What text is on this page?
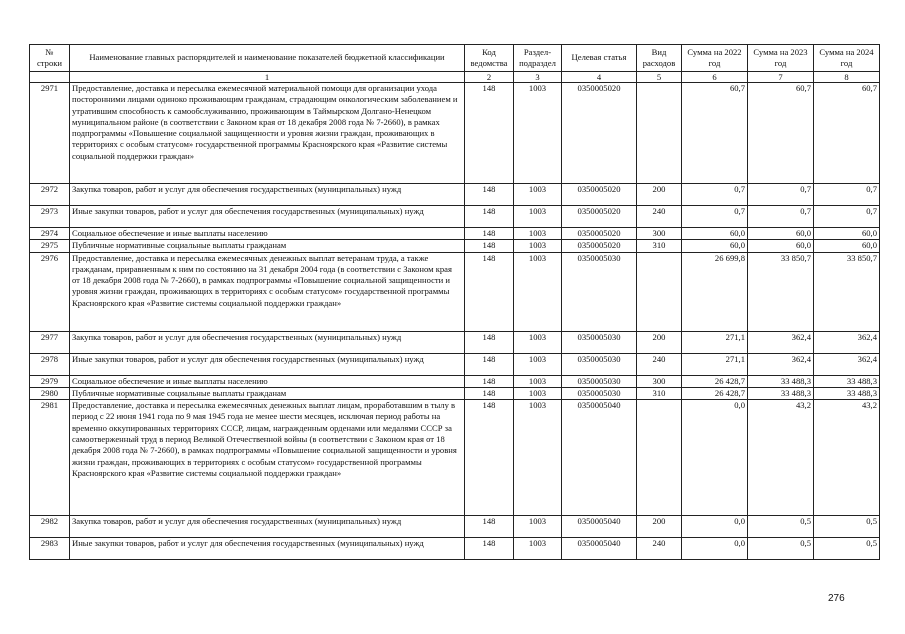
№ строки	Наименование главных распорядителей и наименование показателей бюджетной классификации	Код ведомства	Раздел-подраздел	Целевая статья	Вид расходов	Сумма на 2022 год	Сумма на 2023 год	Сумма на 2024 год
	1	2	3	4	5	6	7	8
2971	Предоставление, доставка и пересылка ежемесячной материальной помощи для организации ухода посторонними лицами одиноко проживающим гражданам, страдающим онкологическим заболеванием и утратившим способность к самообслуживанию, проживающим в Таймырском Долгано-Ненецком муниципальном районе (в соответствии с Законом края от 18 декабря 2008 года № 7-2660), в рамках подпрограммы «Повышение социальной защищенности и уровня жизни граждан, проживающих в территориях с особым статусом» государственной программы Красноярского края «Развитие системы социальной поддержки граждан»	148	1003	0350005020		60,7	60,7	60,7
2972	Закупка товаров, работ и услуг для обеспечения государственных (муниципальных) нужд	148	1003	0350005020	200	0,7	0,7	0,7
2973	Иные закупки товаров, работ и услуг для обеспечения государственных (муниципальных) нужд	148	1003	0350005020	240	0,7	0,7	0,7
2974	Социальное обеспечение и иные выплаты населению	148	1003	0350005020	300	60,0	60,0	60,0
2975	Публичные нормативные социальные выплаты гражданам	148	1003	0350005020	310	60,0	60,0	60,0
2976	Предоставление, доставка и пересылка ежемесячных денежных выплат ветеранам труда, а также гражданам, приравненным к ним по состоянию на 31 декабря 2004 года (в соответствии с Законом края от 18 декабря 2008 года № 7-2660), в рамках подпрограммы «Повышение социальной защищенности и уровня жизни граждан, проживающих в территориях с особым статусом» государственной программы Красноярского края «Развитие системы социальной поддержки граждан»	148	1003	0350005030		26 699,8	33 850,7	33 850,7
2977	Закупка товаров, работ и услуг для обеспечения государственных (муниципальных) нужд	148	1003	0350005030	200	271,1	362,4	362,4
2978	Иные закупки товаров, работ и услуг для обеспечения государственных (муниципальных) нужд	148	1003	0350005030	240	271,1	362,4	362,4
2979	Социальное обеспечение и иные выплаты населению	148	1003	0350005030	300	26 428,7	33 488,3	33 488,3
2980	Публичные нормативные социальные выплаты гражданам	148	1003	0350005030	310	26 428,7	33 488,3	33 488,3
2981	Предоставление, доставка и пересылка ежемесячных денежных выплат лицам, проработавшим в тылу в период с 22 июня 1941 года по 9 мая 1945 года не менее шести месяцев, исключая период работы на временно оккупированных территориях СССР, лицам, награжденным орденами или медалями СССР за самоотверженный труд в период Великой Отечественной войны (в соответствии с Законом края от 18 декабря 2008 года № 7-2660), в рамках подпрограммы «Повышение социальной защищенности и уровня жизни граждан, проживающих в территориях с особым статусом» государственной программы Красноярского края «Развитие системы социальной поддержки граждан»	148	1003	0350005040		0,0	43,2	43,2
2982	Закупка товаров, работ и услуг для обеспечения государственных (муниципальных) нужд	148	1003	0350005040	200	0,0	0,5	0,5
2983	Иные закупки товаров, работ и услуг для обеспечения государственных (муниципальных) нужд	148	1003	0350005040	240	0,0	0,5	0,5
276
